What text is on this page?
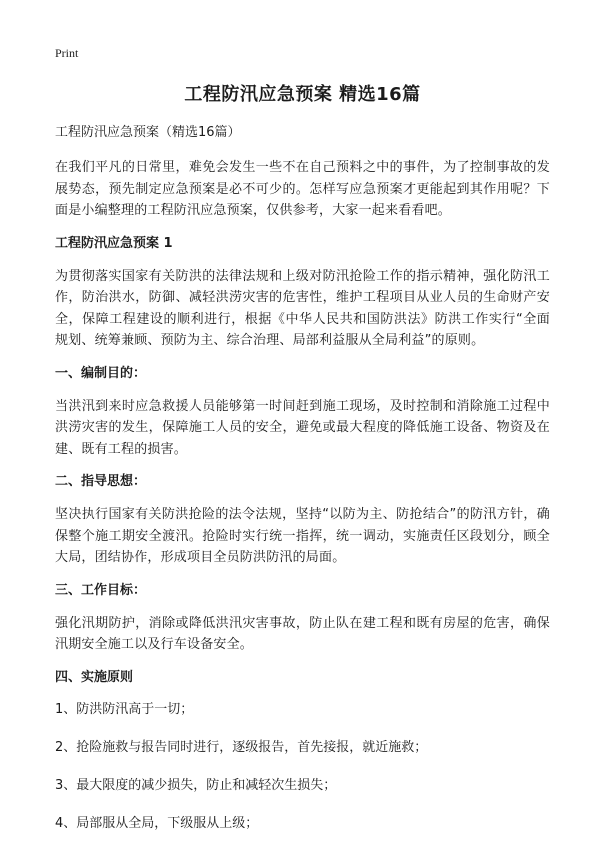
Print
工程防汛应急预案 精选16篇
工程防汛应急预案（精选16篇）

在我们平凡的日常里，难免会发生一些不在自己预料之中的事件，为了控制事故的发展势态，预先制定应急预案是必不可少的。怎样写应急预案才更能起到其作用呢？下面是小编整理的工程防汛应急预案，仅供参考，大家一起来看看吧。

工程防汛应急预案 1

为贯彻落实国家有关防洪的法律法规和上级对防汛抢险工作的指示精神，强化防汛工作，防治洪水，防御、减轻洪涝灾害的危害性，维护工程项目从业人员的生命财产安全，保障工程建设的顺利进行，根据《中华人民共和国防洪法》防洪工作实行“全面规划、统筹兼顾、预防为主、综合治理、局部利益服从全局利益”的原则。

一、编制目的：

当洪汛到来时应急救援人员能够第一时间赶到施工现场，及时控制和消除施工过程中洪涝灾害的发生，保障施工人员的安全，避免或最大程度的降低施工设备、物资及在建、既有工程的损害。

二、指导思想：

坚决执行国家有关防洪抢险的法令法规，坚持“以防为主、防抢结合”的防汛方针，确保整个施工期安全渡汛。抢险时实行统一指挥，统一调动，实施责任区段划分，顾全大局，团结协作，形成项目全员防洪防汛的局面。

三、工作目标：

强化汛期防护，消除或降低洪汛灾害事故，防止队在建工程和既有房屋的危害，确保汛期安全施工以及行车设备安全。

四、实施原则
1、防洪防汛高于一切；
2、抢险施救与报告同时进行，逐级报告，首先接报，就近施救；
3、最大限度的减少损失，防止和减轻次生损失；
4、局部服从全局，下级服从上级；
